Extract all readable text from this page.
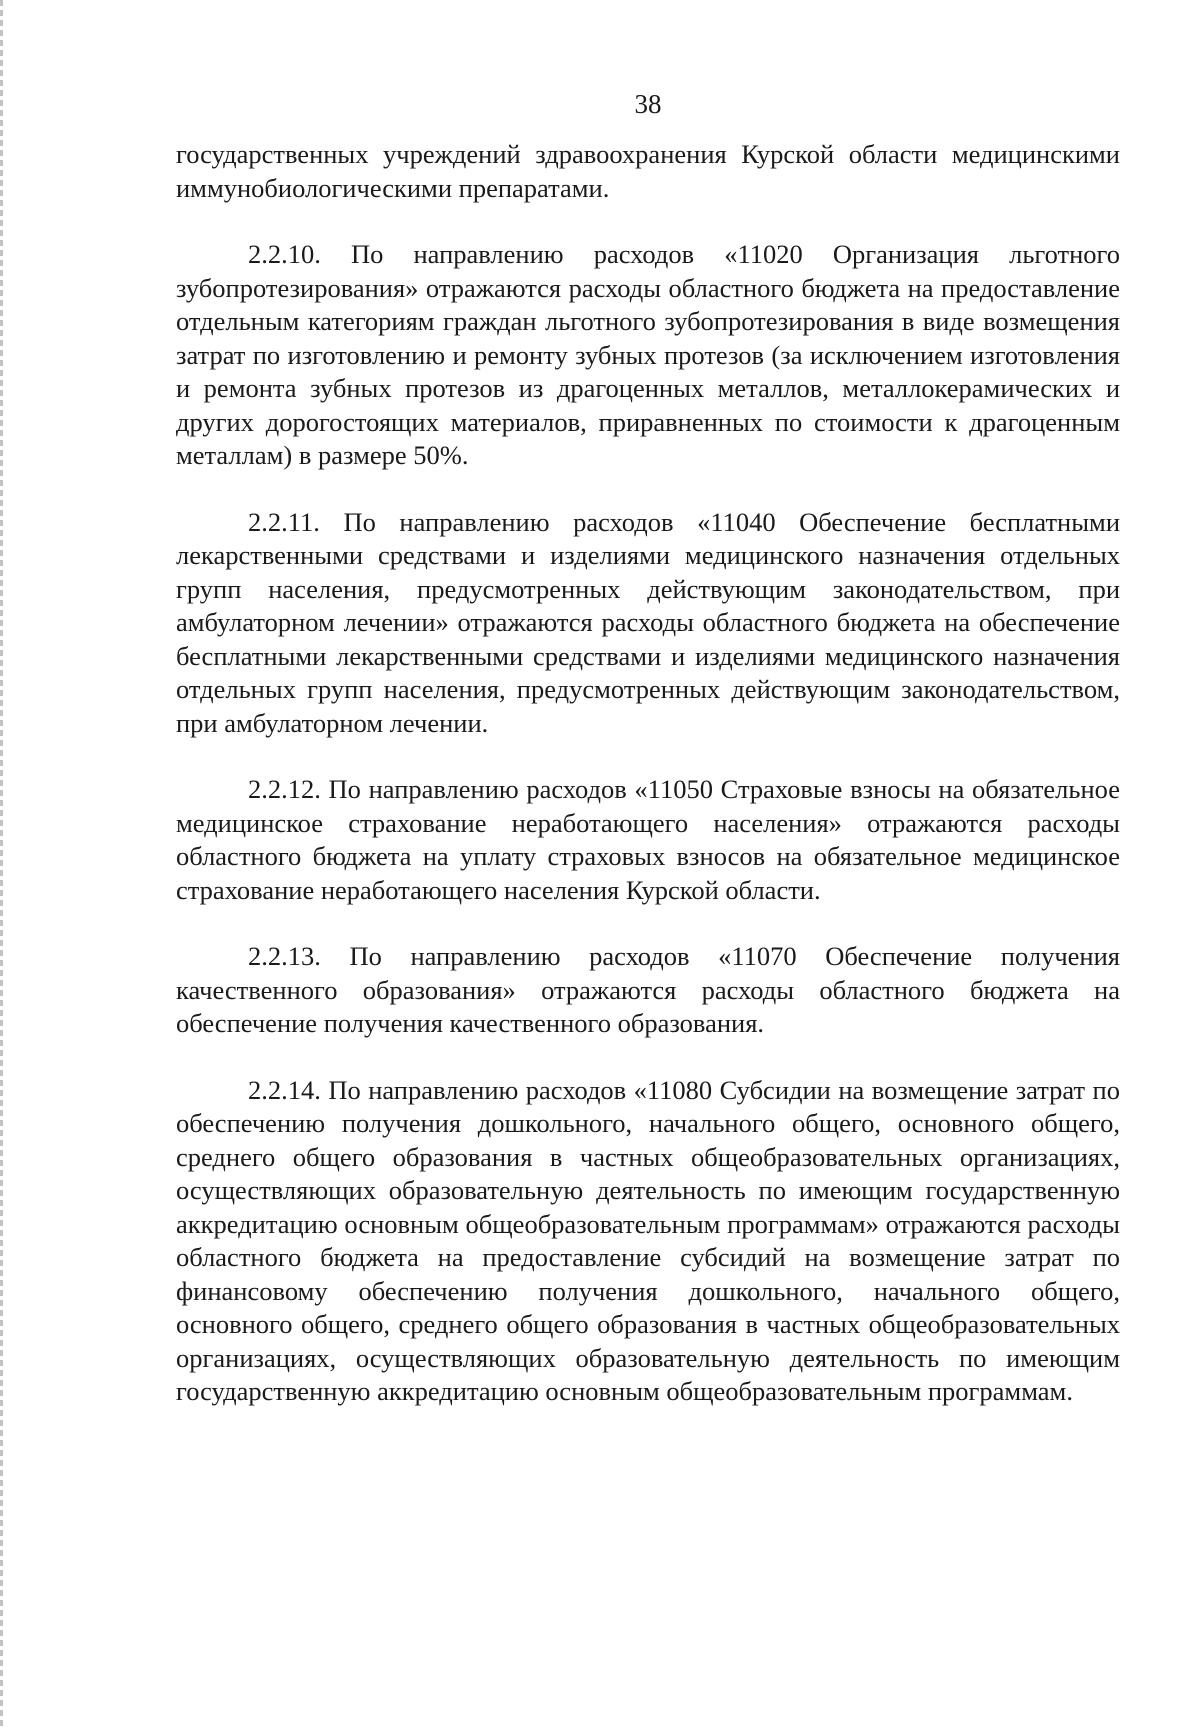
38

государственных учреждений здравоохранения Курской области медицинскими иммунобиологическими препаратами.

2.2.10. По направлению расходов «11020 Организация льготного зубопротезирования» отражаются расходы областного бюджета на предоставление отдельным категориям граждан льготного зубопротезирования в виде возмещения затрат по изготовлению и ремонту зубных протезов (за исключением изготовления и ремонта зубных протезов из драгоценных металлов, металлокерамических и других дорогостоящих материалов, приравненных по стоимости к драгоценным металлам) в размере 50%.

2.2.11. По направлению расходов «11040 Обеспечение бесплатными лекарственными средствами и изделиями медицинского назначения отдельных групп населения, предусмотренных действующим законодательством, при амбулаторном лечении» отражаются расходы областного бюджета на обеспечение бесплатными лекарственными средствами и изделиями медицинского назначения отдельных групп населения, предусмотренных действующим законодательством, при амбулаторном лечении.

2.2.12. По направлению расходов «11050 Страховые взносы на обязательное медицинское страхование неработающего населения» отражаются расходы областного бюджета на уплату страховых взносов на обязательное медицинское страхование неработающего населения Курской области.

2.2.13. По направлению расходов «11070 Обеспечение получения качественного образования» отражаются расходы областного бюджета на обеспечение получения качественного образования.

2.2.14. По направлению расходов «11080 Субсидии на возмещение затрат по обеспечению получения дошкольного, начального общего, основного общего, среднего общего образования в частных общеобразовательных организациях, осуществляющих образовательную деятельность по имеющим государственную аккредитацию основным общеобразовательным программам» отражаются расходы областного бюджета на предоставление субсидий на возмещение затрат по финансовому обеспечению получения дошкольного, начального общего, основного общего, среднего общего образования в частных общеобразовательных организациях, осуществляющих образовательную деятельность по имеющим государственную аккредитацию основным общеобразовательным программам.
